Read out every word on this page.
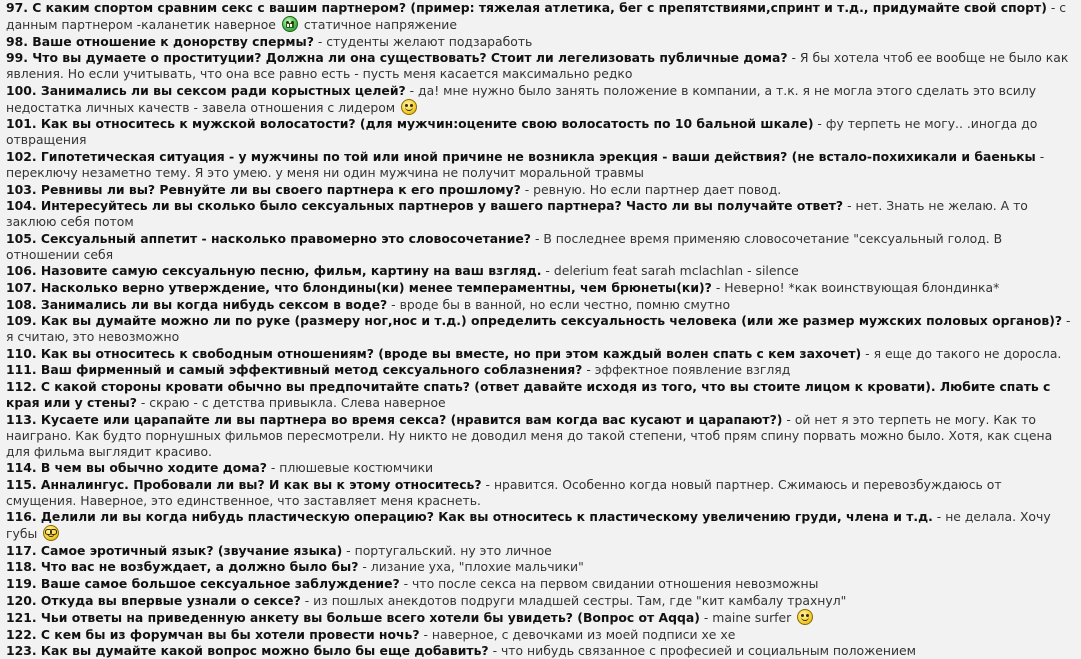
97. С каким спортом сравним секс с вашим партнером? (пример: тяжелая атлетика, бег с препятствиями,спринт и т.д., придумайте свой спорт) - с данным партнером -каланетик наверное статичное напряжение
98. Ваше отношение к донорству спермы? - студенты желают подзаработь
99. Что вы думаете о проституции? Должна ли она существовать? Стоит ли легелизовать публичные дома? - Я бы хотела чтоб ее вообще не было как явления. Но если учитывать, что она все равно есть - пусть меня касается максимально редко
100. Занимались ли вы сексом ради корыстных целей? - да! мне нужно было занять положение в компании, а т.к. я не могла этого сделать это всилу недостатка личных качеств - завела отношения с лидером
101. Как вы относитесь к мужской волосатости? (для мужчин:оцените свою волосатость по 10 бальной шкале) - фу терпеть не могу.. .иногда до отвращения
102. Гипотетическая ситуация - у мужчины по той или иной причине не возникла эрекция - ваши действия? (не встало-похихикали и баенькы - переключу незаметно тему. Я это умею. у меня ни один мужчина не получит моральной травмы
103. Ревнивы ли вы? Ревнуйте ли вы своего партнера к его прошлому? - ревную. Но если партнер дает повод.
104. Интересуйтесь ли вы сколько было сексуальных партнеров у вашего партнера? Часто ли вы получайте ответ? - нет. Знать не желаю. А то заклюю себя потом
105. Сексуальный аппетит - насколько правомерно это словосочетание? - В последнее время применяю словосочетание "сексуальный голод. В отношении себя
106. Назовите самую сексуальную песню, фильм, картину на ваш взгляд. - delerium feat sarah mclachlan - silence
107. Насколько верно утверждение, что блондины(ки) менее темпераментны, чем брюнеты(ки)? - Неверно! *как воинствующая блондинка*
108. Занимались ли вы когда нибудь сексом в воде? - вроде бы в ванной, но если честно, помню смутно
109. Как вы думайте можно ли по руке (размеру ног,нос и т.д.) определить сексуальность человека (или же размер мужских половых органов)? - я считаю, это невозможно
110. Как вы относитесь к свободным отношениям? (вроде вы вместе, но при этом каждый волен спать с кем захочет) - я еще до такого не доросла.
111. Ваш фирменный и самый эффективный метод сексуального соблазнения? - эффектное появление взгляд
112. С какой стороны кровати обычно вы предпочитайте спать? (ответ давайте исходя из того, что вы стоите лицом к кровати). Любите спать с края или у стены? - скраю - с детства привыкла. Слева наверное
113. Кусаете или царапайте ли вы партнера во время секса? (нравится вам когда вас кусают и царапают?) - ой нет я это терпеть не могу. Как то наиграно. Как будто порнушных фильмов пересмотрели. Ну никто не доводил меня до такой степени, чтоб прям спину порвать можно было. Хотя, как сцена для фильма выглядит красиво.
114. В чем вы обычно ходите дома? - плюшевые костюмчики
115. Анналингус. Пробовали ли вы? И как вы к этому относитесь? - нравится. Особенно когда новый партнер. Сжимаюсь и перевозбуждаюсь от смущения. Наверное, это единственное, что заставляет меня краснеть.
116. Делили ли вы когда нибудь пластическую операцию? Как вы относитесь к пластическому увеличению груди, члена и т.д. - не делала. Хочу губы
117. Самое эротичный язык? (звучание языка) - португальский. ну это личное
118. Что вас не возбуждает, а должно было бы? - лизание уха, "плохие мальчики"
119. Ваше самое большое сексуальное заблуждение? - что после секса на первом свидании отношения невозможны
120. Откуда вы впервые узнали о сексе? - из пошлых анекдотов подруги младшей сестры. Там, где "кит камбалу трахнул"
121. Чьи ответы на приведенную анкету вы больше всего хотели бы увидеть? (Вопрос от Aqqa) - maine surfer
122. С кем бы из форумчан вы бы хотели провести ночь? - наверное, с девочками из моей подписи хе хе
123. Как вы думайте какой вопрос можно было бы еще добавить? - что нибудь связанное с професией и социальным положением
